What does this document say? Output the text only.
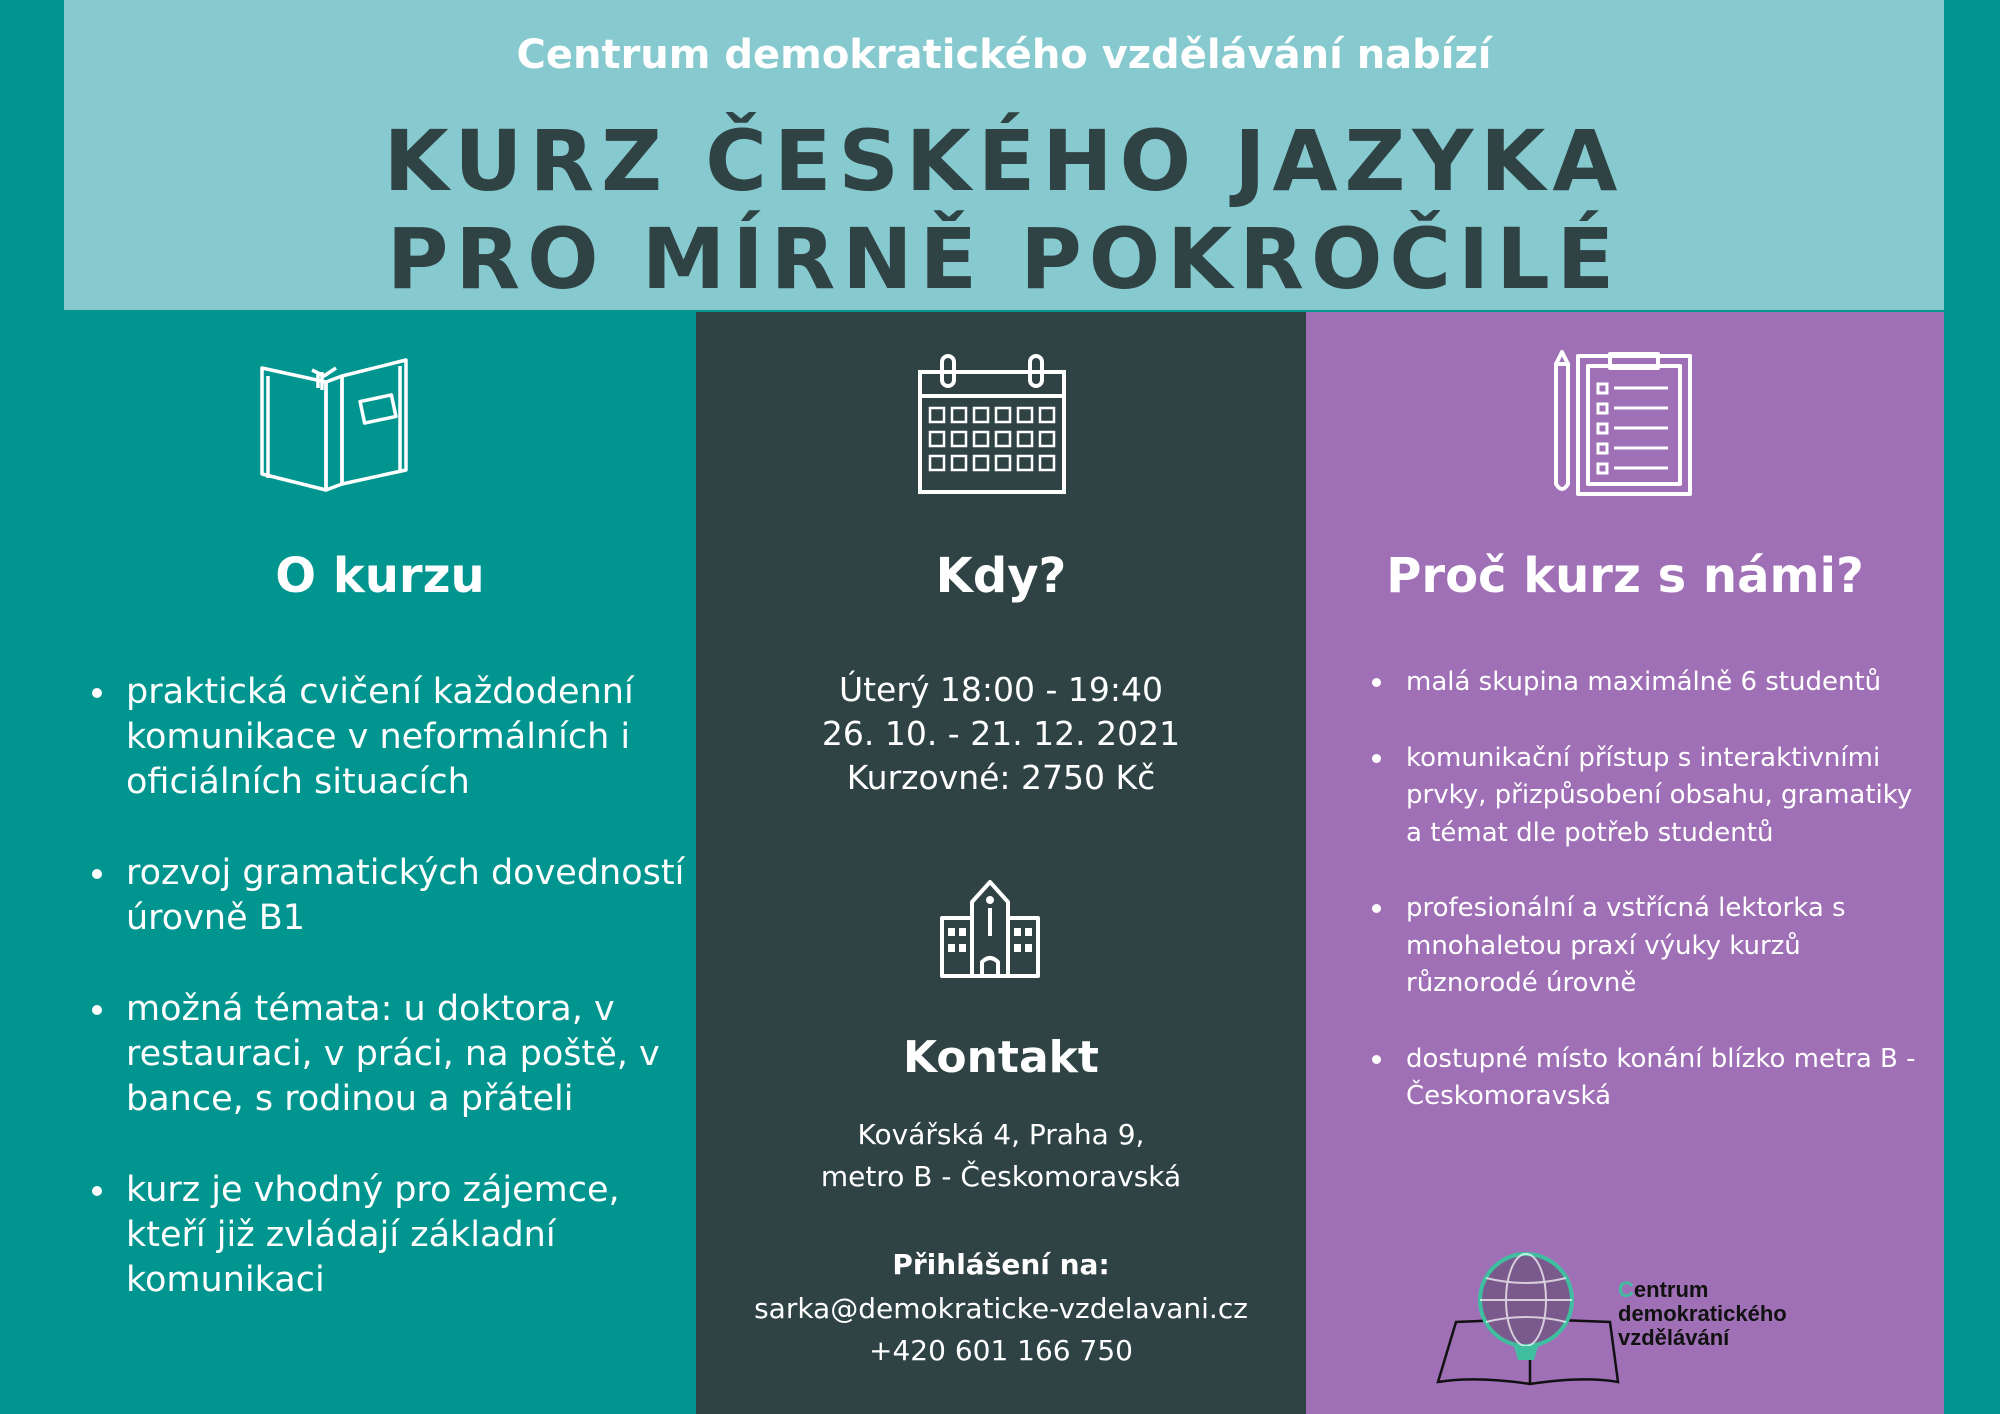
Centrum demokratického vzdělávání nabízí
KURZ ČESKÉHO JAZYKA
PRO MÍRNĚ POKROČILÉ
O kurzu
praktická cvičení každodenní komunikace v neformálních i oficiálních situacích
rozvoj gramatických dovedností úrovně B1
možná témata: u doktora, v restauraci, v práci, na poště, v bance, s rodinou a přáteli
kurz je vhodný pro zájemce, kteří již zvládají základní komunikaci
Kdy?
Úterý 18:00 - 19:40
26. 10. - 21. 12. 2021
Kurzovné: 2750 Kč
Kontakt
Kovářská 4, Praha 9,
metro B - Českomoravská
Přihlášení na:
sarka@demokraticke-vzdelavani.cz
+420 601 166 750
Proč kurz s námi?
malá skupina maximálně 6 studentů
komunikační přístup s interaktivními prvky, přizpůsobení obsahu, gramatiky a témat dle potřeb studentů
profesionální a vstřícná lektorka s mnohaletou praxí výuky kurzů různorodé úrovně
dostupné místo konání blízko metra B - Českomoravská
Centrum
demokratického
vzdělávání
